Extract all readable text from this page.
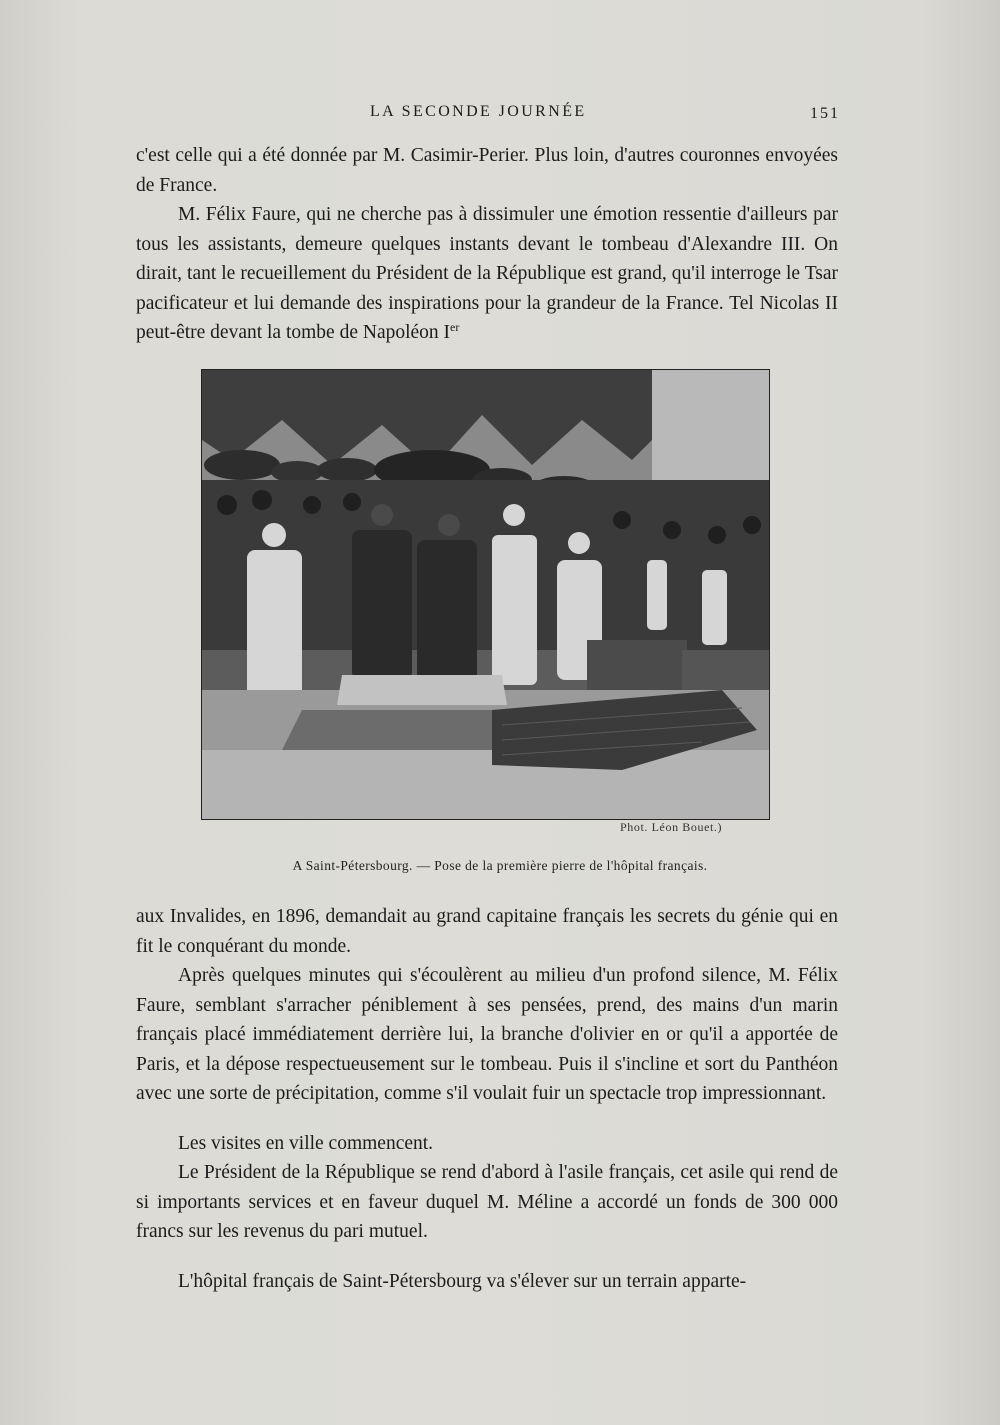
LA SECONDE JOURNÉE	151

c'est celle qui a été donnée par M. Casimir-Perier. Plus loin, d'autres couronnes envoyées de France.

M. Félix Faure, qui ne cherche pas à dissimuler une émotion ressentie d'ailleurs par tous les assistants, demeure quelques instants devant le tombeau d'Alexandre III. On dirait, tant le recueillement du Président de la République est grand, qu'il interroge le Tsar pacificateur et lui demande des inspirations pour la grandeur de la France. Tel Nicolas II peut-être devant la tombe de Napoléon Ier

Phot. Léon Bouet.)
A Saint-Pétersbourg. — Pose de la première pierre de l'hôpital français.

aux Invalides, en 1896, demandait au grand capitaine français les secrets du génie qui en fit le conquérant du monde.

Après quelques minutes qui s'écoulèrent au milieu d'un profond silence, M. Félix Faure, semblant s'arracher péniblement à ses pensées, prend, des mains d'un marin français placé immédiatement derrière lui, la branche d'olivier en or qu'il a apportée de Paris, et la dépose respectueusement sur le tombeau. Puis il s'incline et sort du Panthéon avec une sorte de précipitation, comme s'il voulait fuir un spectacle trop impressionnant.

Les visites en ville commencent.

Le Président de la République se rend d'abord à l'asile français, cet asile qui rend de si importants services et en faveur duquel M. Méline a accordé un fonds de 300 000 francs sur les revenus du pari mutuel.

L'hôpital français de Saint-Pétersbourg va s'élever sur un terrain apparte-
